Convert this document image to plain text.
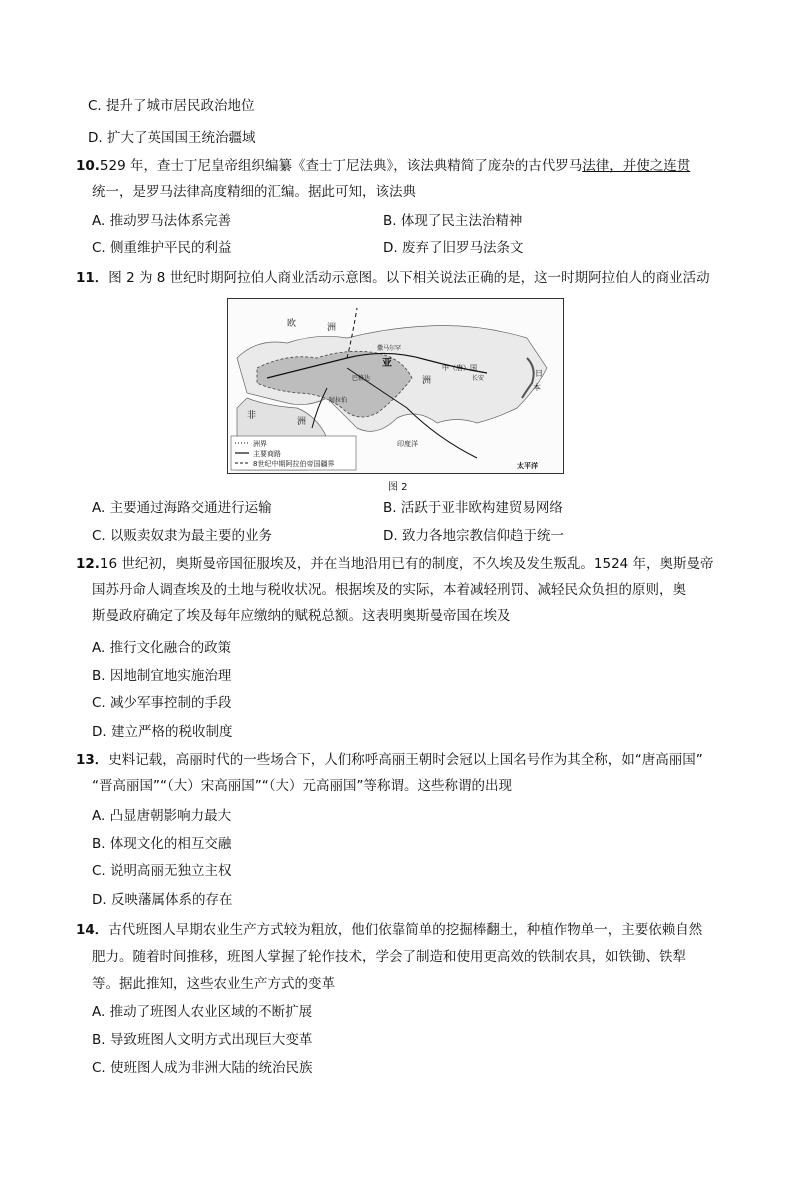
C. 提升了城市居民政治地位
D. 扩大了英国国王统治疆域
10.529 年，查士丁尼皇帝组织编纂《查士丁尼法典》，该法典精简了庞杂的古代罗马法律，并使之连贯
统一，是罗马法律高度精细的汇编。据此可知，该法典
A. 推动罗马法体系完善	B. 体现了民主法治精神
C. 侧重维护平民的利益	D. 废弃了旧罗马法条文
11．图 2 为 8 世纪时期阿拉伯人商业活动示意图。以下相关说法正确的是，这一时期阿拉伯人的商业活动
洲界
主要商路
8世纪中期阿拉伯帝国疆界
欧	洲
亚
洲
非
洲
中（唐）国
长安
日
本
巴格达
撒马尔罕
阿拉伯
印度洋
太平洋
图 2
A. 主要通过海路交通进行运输	B. 活跃于亚非欧构建贸易网络
C. 以贩卖奴隶为最主要的业务	D. 致力各地宗教信仰趋于统一
12.16 世纪初，奥斯曼帝国征服埃及，并在当地沿用已有的制度，不久埃及发生叛乱。1524 年，奥斯曼帝
国苏丹命人调查埃及的土地与税收状况。根据埃及的实际，本着减轻刑罚、减轻民众负担的原则，奥
斯曼政府确定了埃及每年应缴纳的赋税总额。这表明奥斯曼帝国在埃及
A. 推行文化融合的政策
B. 因地制宜地实施治理
C. 减少军事控制的手段
D. 建立严格的税收制度
13．史料记载，高丽时代的一些场合下，人们称呼高丽王朝时会冠以上国名号作为其全称，如“唐高丽国”
“晋高丽国”“（大）宋高丽国”“（大）元高丽国”等称谓。这些称谓的出现
A. 凸显唐朝影响力最大
B. 体现文化的相互交融
C. 说明高丽无独立主权
D. 反映藩属体系的存在
14．古代班图人早期农业生产方式较为粗放，他们依靠简单的挖掘棒翻土，种植作物单一，主要依赖自然
肥力。随着时间推移，班图人掌握了轮作技术，学会了制造和使用更高效的铁制农具，如铁锄、铁犁
等。据此推知，这些农业生产方式的变革
A. 推动了班图人农业区域的不断扩展
B. 导致班图人文明方式出现巨大变革
C. 使班图人成为非洲大陆的统治民族
